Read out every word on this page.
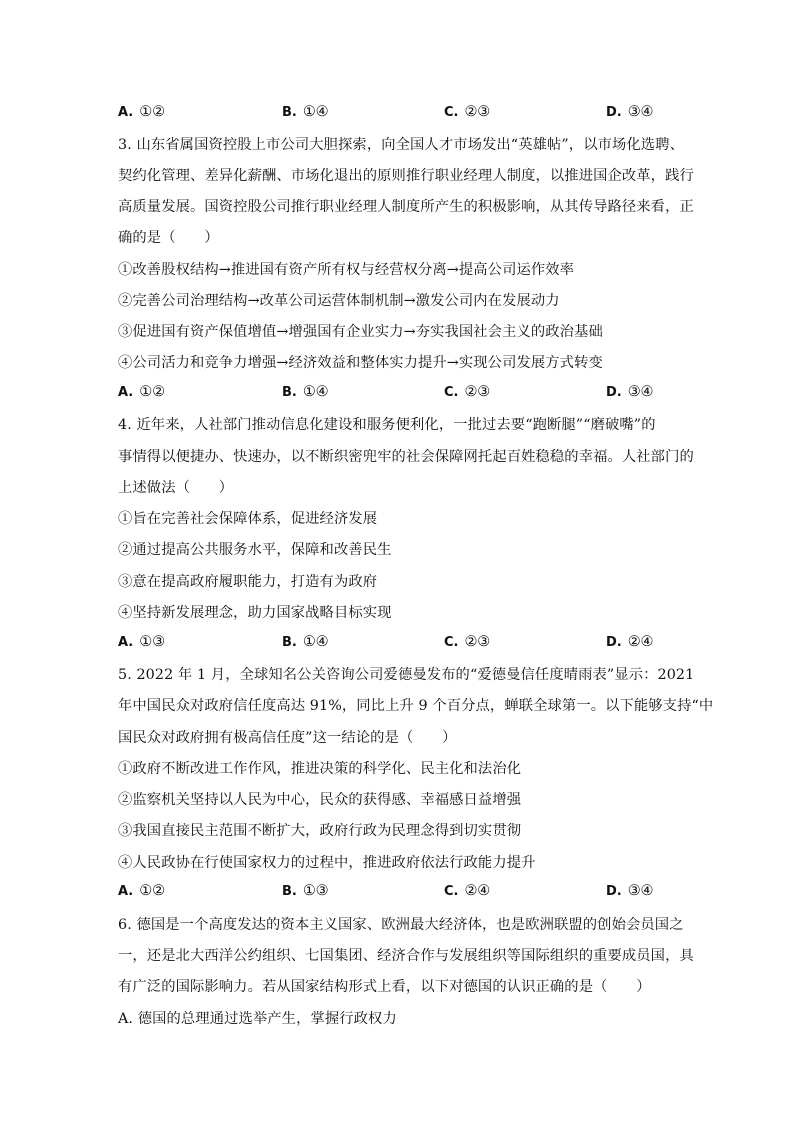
A. ①②	B. ①④	C. ②③	D. ③④
3. 山东省属国资控股上市公司大胆探索，向全国人才市场发出“英雄帖”，以市场化选聘、
契约化管理、差异化薪酬、市场化退出的原则推行职业经理人制度，以推进国企改革，践行
高质量发展。国资控股公司推行职业经理人制度所产生的积极影响，从其传导路径来看，正
确的是（　　）
①改善股权结构→推进国有资产所有权与经营权分离→提高公司运作效率
②完善公司治理结构→改革公司运营体制机制→激发公司内在发展动力
③促进国有资产保值增值→增强国有企业实力→夯实我国社会主义的政治基础
④公司活力和竞争力增强→经济效益和整体实力提升→实现公司发展方式转变
A. ①②	B. ①④	C. ②③	D. ③④
4. 近年来，人社部门推动信息化建设和服务便利化，一批过去要“跑断腿”“磨破嘴”的
事情得以便捷办、快速办，以不断织密兜牢的社会保障网托起百姓稳稳的幸福。人社部门的
上述做法（　　）
①旨在完善社会保障体系，促进经济发展
②通过提高公共服务水平，保障和改善民生
③意在提高政府履职能力，打造有为政府
④坚持新发展理念，助力国家战略目标实现
A. ①③	B. ①④	C. ②③	D. ②④
5. 2022 年 1 月，全球知名公关咨询公司爱德曼发布的“爱德曼信任度晴雨表”显示：2021
年中国民众对政府信任度高达 91%，同比上升 9 个百分点，蝉联全球第一。以下能够支持“中
国民众对政府拥有极高信任度”这一结论的是（　　）
①政府不断改进工作作风，推进决策的科学化、民主化和法治化
②监察机关坚持以人民为中心，民众的获得感、幸福感日益增强
③我国直接民主范围不断扩大，政府行政为民理念得到切实贯彻
④人民政协在行使国家权力的过程中，推进政府依法行政能力提升
A. ①②	B. ①③	C. ②④	D. ③④
6. 德国是一个高度发达的资本主义国家、欧洲最大经济体，也是欧洲联盟的创始会员国之
一，还是北大西洋公约组织、七国集团、经济合作与发展组织等国际组织的重要成员国，具
有广泛的国际影响力。若从国家结构形式上看，以下对德国的认识正确的是（　　）
A. 德国的总理通过选举产生，掌握行政权力
